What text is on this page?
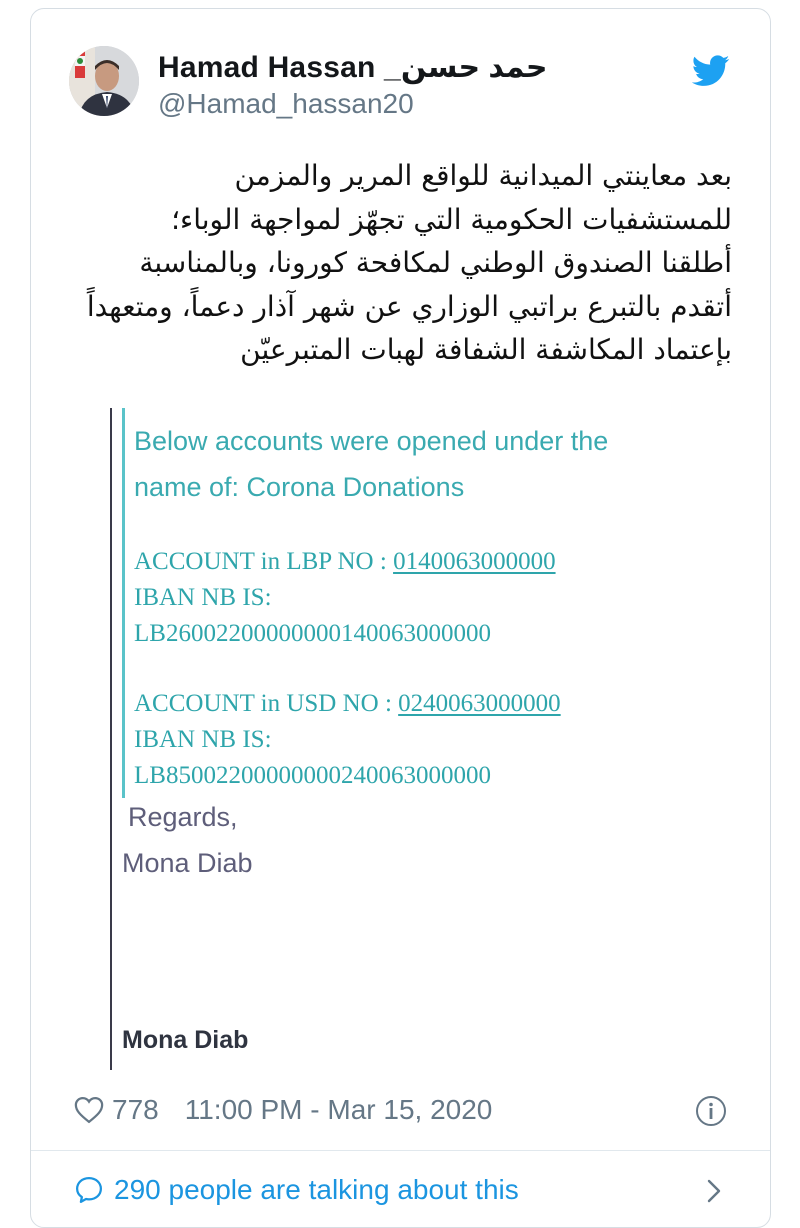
Hamad Hassan _حمد حسن
@Hamad_hassan20
بعد معاينتي الميدانية للواقع المرير والمزمن
للمستشفيات الحكومية التي تجهّز لمواجهة الوباء؛
أطلقنا الصندوق الوطني لمكافحة كورونا، وبالمناسبة
أتقدم بالتبرع براتبي الوزاري عن شهر آذار دعماً، ومتعهداً
بإعتماد المكاشفة الشفافة لهبات المتبرعيّن
Below accounts were opened under the
name of: Corona Donations
ACCOUNT in LBP NO : 0140063000000
IBAN NB IS:
LB26002200000000140063000000
ACCOUNT in USD NO : 0240063000000
IBAN NB IS:
LB85002200000000240063000000
Regards,
Mona Diab
Mona Diab
778 11:00 PM - Mar 15, 2020
290 people are talking about this
